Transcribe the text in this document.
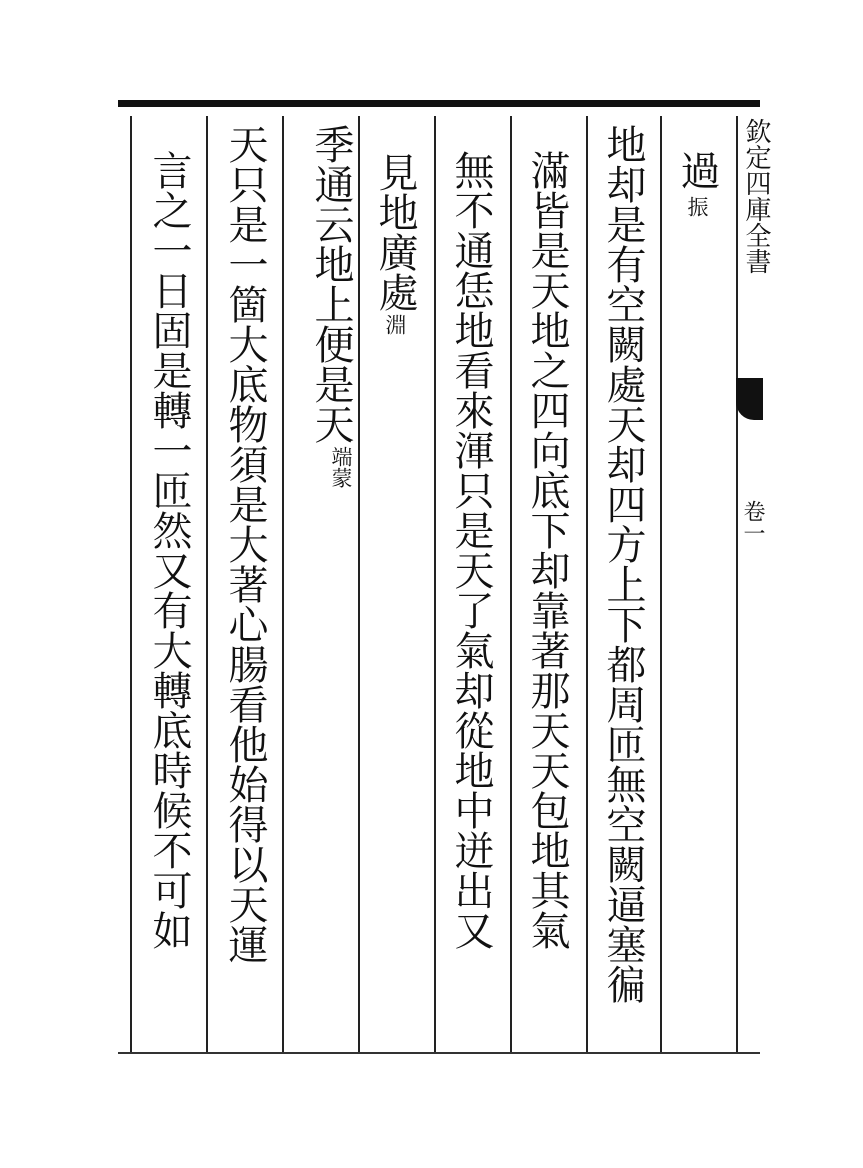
欽定四庫全書
卷一
地却是有空闕處天却四方上下都周匝無空闕逼塞徧 過
振
滿皆是天地之四向底下却靠著那天天包地其氣
無不通恁地看來渾只是天了氣却從地中迸出又
見地廣處
淵
季通云地上便是天
端蒙
天只是一箇大底物須是大著心腸看他始得以天運
言之一日固是轉一匝然又有大轉底時候不可如
